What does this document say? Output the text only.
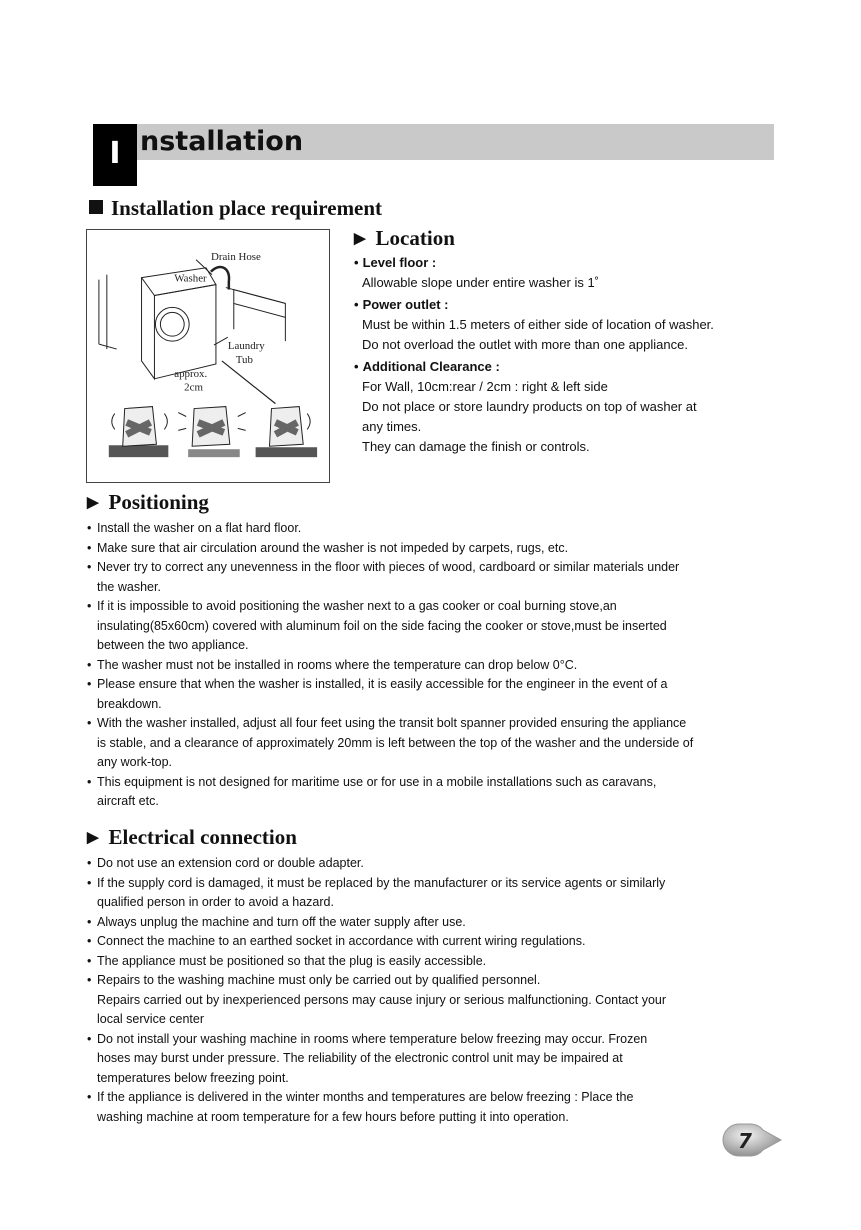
I nstallation
Installation place requirement
Drain Hose
Washer
Laundry
Tub
approx.
2cm
▶ Location
• Level floor :
Allowable slope under entire washer is 1˚
• Power outlet :
Must be within 1.5 meters of either side of location of washer.
Do not overload the outlet with more than one appliance.
• Additional Clearance :
For Wall, 10cm:rear / 2cm : right & left side
Do not place or store laundry products on top of washer at
any times.
They can damage the finish or controls.
▶ Positioning
• Install the washer on a flat hard floor.
• Make sure that air circulation around the washer is not impeded by carpets, rugs, etc.
• Never try to correct any unevenness in the floor with pieces of wood, cardboard or similar materials under
the washer.
• If it is impossible to avoid positioning the washer next to a gas cooker or coal burning stove,an
insulating(85x60cm) covered with aluminum foil on the side facing the cooker or stove,must be inserted
between the two appliance.
• The washer must not be installed in rooms where the temperature can drop below 0°C.
• Please ensure that when the washer is installed, it is easily accessible for the engineer in the event of a
breakdown.
• With the washer installed, adjust all four feet using the transit bolt spanner provided ensuring the appliance
is stable, and a clearance of approximately 20mm is left between the top of the washer and the underside of
any work-top.
• This equipment is not designed for maritime use or for use in a mobile installations such as caravans,
aircraft etc.
▶ Electrical connection
• Do not use an extension cord or double adapter.
• If the supply cord is damaged, it must be replaced by the manufacturer or its service agents or similarly
qualified person in order to avoid a hazard.
• Always unplug the machine and turn off the water supply after use.
• Connect the machine to an earthed socket in accordance with current wiring regulations.
• The appliance must be positioned so that the plug is easily accessible.
• Repairs to the washing machine must only be carried out by qualified personnel.
Repairs carried out by inexperienced persons may cause injury or serious malfunctioning. Contact your
local service center
• Do not install your washing machine in rooms where temperature below freezing may occur. Frozen
hoses may burst under pressure. The reliability of the electronic control unit may be impaired at
temperatures below freezing point.
• If the appliance is delivered in the winter months and temperatures are below freezing : Place the
washing machine at room temperature for a few hours before putting it into operation.
7
